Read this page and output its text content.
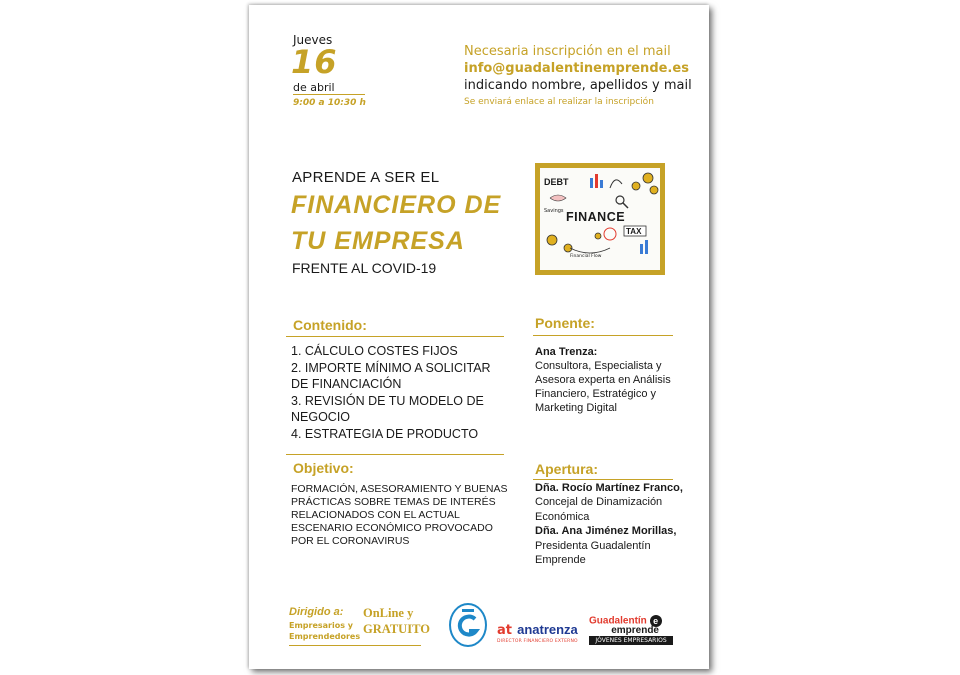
Jueves
16
de abril
9:00 a 10:30 h
Necesaria inscripción en el mail
info@guadalentinemprende.es
indicando nombre, apellidos y mail
Se enviará enlace al realizar la inscripción
APRENDE A SER EL
FINANCIERO DE
TU EMPRESA
FRENTE AL COVID-19
DEBT
Savings FINANCE
TAX
Financial Flow
Contenido:
1. CÁLCULO COSTES FIJOS
2. IMPORTE MÍNIMO A SOLICITAR DE FINANCIACIÓN
3. REVISIÓN DE TU MODELO DE NEGOCIO
4. ESTRATEGIA DE PRODUCTO
Ponente:
Ana Trenza:
Consultora, Especialista y Asesora experta en Análisis Financiero, Estratégico y Marketing Digital
Objetivo:
FORMACIÓN, ASESORAMIENTO Y BUENAS PRÁCTICAS SOBRE TEMAS DE INTERÉS RELACIONADOS CON EL ACTUAL ESCENARIO ECONÓMICO PROVOCADO POR EL CORONAVIRUS
Apertura:
Dña. Rocío Martínez Franco, Concejal de Dinamización Económica
Dña. Ana Jiménez Morillas, Presidenta Guadalentín Emprende
Dirigido a:
Empresarios y
Emprendedores
OnLine y
GRATUITO	at anatrenza
DIRECTOR FINANCIERO EXTERNO
Guadalentín e
emprende
JÓVENES EMPRESARIOS
